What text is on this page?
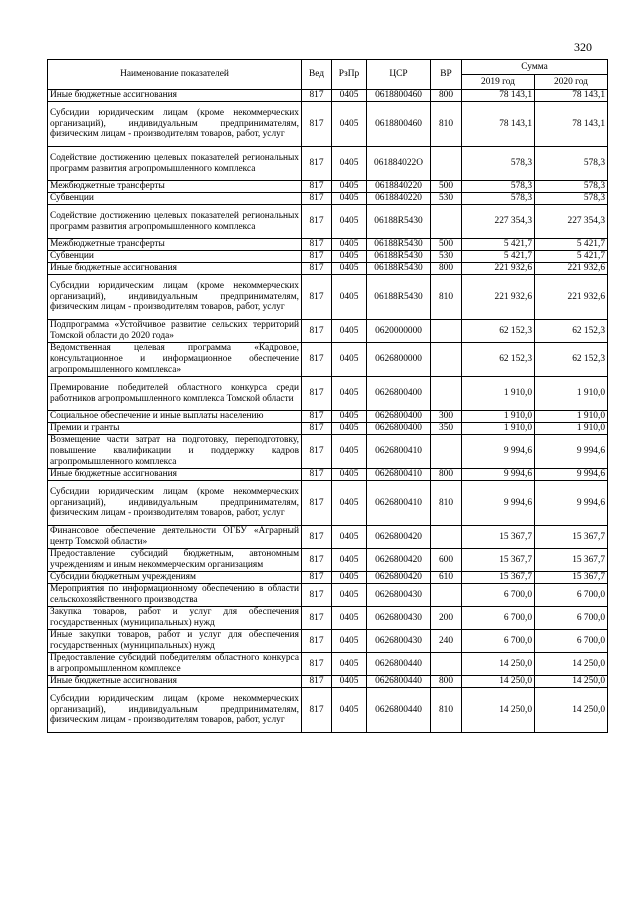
320
Наименование показателей	Вед	РзПр	ЦСР	ВР	Сумма	
					2019 год	2020 год
Иные бюджетные ассигнования	817	0405	0618800460	800	78 143,1	78 143,1
Субсидии юридическим лицам (кроме некоммерческих организаций), индивидуальным предпринимателям, физическим лицам - производителям товаров, работ, услуг	817	0405	0618800460	810	78 143,1	78 143,1
Содействие достижению целевых показателей региональных программ развития агропромышленного комплекса	817	0405	061884022О		578,3	578,3
Межбюджетные трансферты	817	0405	0618840220	500	578,3	578,3
Субвенции	817	0405	0618840220	530	578,3	578,3
Содействие достижению целевых показателей региональных программ развития агропромышленного комплекса	817	0405	06188R5430		227 354,3	227 354,3
Межбюджетные трансферты	817	0405	06188R5430	500	5 421,7	5 421,7
Субвенции	817	0405	06188R5430	530	5 421,7	5 421,7
Иные бюджетные ассигнования	817	0405	06188R5430	800	221 932,6	221 932,6
Субсидии юридическим лицам (кроме некоммерческих организаций), индивидуальным предпринимателям, физическим лицам - производителям товаров, работ, услуг	817	0405	06188R5430	810	221 932,6	221 932,6
Подпрограмма «Устойчивое развитие сельских территорий Томской области до 2020 года»	817	0405	0620000000		62 152,3	62 152,3
Ведомственная целевая программа «Кадровое, консультационное и информационное обеспечение агропромышленного комплекса»	817	0405	0626800000		62 152,3	62 152,3
Премирование победителей областного конкурса среди работников агропромышленного комплекса Томской области	817	0405	0626800400		1 910,0	1 910,0
Социальное обеспечение и иные выплаты населению	817	0405	0626800400	300	1 910,0	1 910,0
Премии и гранты	817	0405	0626800400	350	1 910,0	1 910,0
Возмещение части затрат на подготовку, переподготовку, повышение квалификации и поддержку кадров агропромышленного комплекса	817	0405	0626800410		9 994,6	9 994,6
Иные бюджетные ассигнования	817	0405	0626800410	800	9 994,6	9 994,6
Субсидии юридическим лицам (кроме некоммерческих организаций), индивидуальным предпринимателям, физическим лицам - производителям товаров, работ, услуг	817	0405	0626800410	810	9 994,6	9 994,6
Финансовое обеспечение деятельности ОГБУ «Аграрный центр Томской области»	817	0405	0626800420		15 367,7	15 367,7
Предоставление субсидий бюджетным, автономным учреждениям и иным некоммерческим организациям	817	0405	0626800420	600	15 367,7	15 367,7
Субсидии бюджетным учреждениям	817	0405	0626800420	610	15 367,7	15 367,7
Мероприятия по информационному обеспечению в области сельскохозяйственного производства	817	0405	0626800430		6 700,0	6 700,0
Закупка товаров, работ и услуг для обеспечения государственных (муниципальных) нужд	817	0405	0626800430	200	6 700,0	6 700,0
Иные закупки товаров, работ и услуг для обеспечения государственных (муниципальных) нужд	817	0405	0626800430	240	6 700,0	6 700,0
Предоставление субсидий победителям областного конкурса в агропромышленном комплексе	817	0405	0626800440		14 250,0	14 250,0
Иные бюджетные ассигнования	817	0405	0626800440	800	14 250,0	14 250,0
Субсидии юридическим лицам (кроме некоммерческих организаций), индивидуальным предпринимателям, физическим лицам - производителям товаров, работ, услуг	817	0405	0626800440	810	14 250,0	14 250,0
